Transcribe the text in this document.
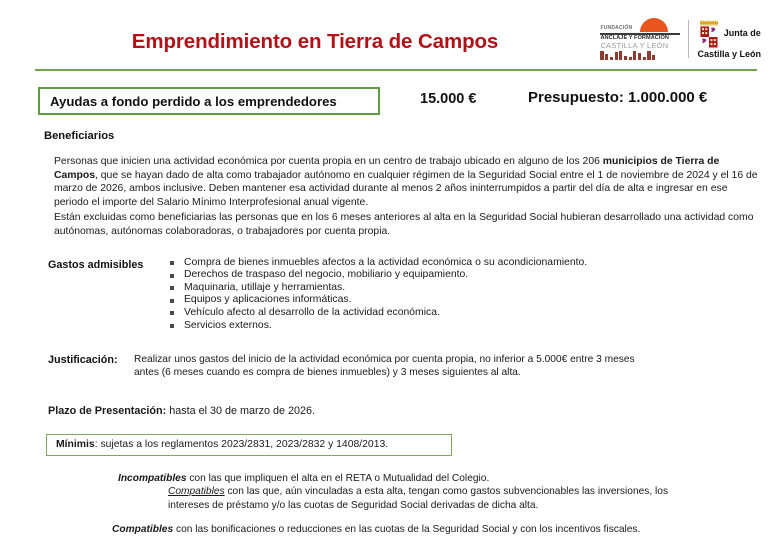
Emprendimiento en Tierra de Campos
FUNDACIÓN
ANCLAJE Y FORMACIÓN
CASTILLA Y LEÓN
Junta de
Castilla y León
Ayudas a fondo perdido a los emprendedores	15.000 €	Presupuesto: 1.000.000 €
Beneficiarios
Personas que inicien una actividad económica por cuenta propia en un centro de trabajo ubicado en alguno de los 206 municipios de Tierra de Campos, que se hayan dado de alta como trabajador autónomo en cualquier régimen de la Seguridad Social entre el 1 de noviembre de 2024 y el 16 de marzo de 2026, ambos inclusive. Deben mantener esa actividad durante al menos 2 años ininterrumpidos a partir del día de alta e ingresar en ese periodo el importe del Salario Mínimo Interprofesional anual vigente.
Están excluidas como beneficiarias las personas que en los 6 meses anteriores al alta en la Seguridad Social hubieran desarrollado una actividad como autónomas, autónomas colaboradoras, o trabajadores por cuenta propia.
Gastos admisibles	Compra de bienes inmuebles afectos a la actividad económica o su acondicionamiento.
Derechos de traspaso del negocio, mobiliario y equipamiento.
Maquinaria, utillaje y herramientas.
Equipos y aplicaciones informáticas.
Vehículo afecto al desarrollo de la actividad económica.
Servicios externos.
Justificación: Realizar unos gastos del inicio de la actividad económica por cuenta propia, no inferior a 5.000€ entre 3 meses antes (6 meses cuando es compra de bienes inmuebles) y 3 meses siguientes al alta.
Plazo de Presentación: hasta el 30 de marzo de 2026.
Mínimis : sujetas a los reglamentos 2023/2831, 2023/2832 y 1408/2013.
Incompatibles con las que impliquen el alta en el RETA o Mutualidad del Colegio.
Compatibles con las que, aún vinculadas a esta alta, tengan como gastos subvencionables las inversiones, los intereses de préstamo y/o las cuotas de Seguridad Social derivadas de dicha alta.
Compatibles con las bonificaciones o reducciones en las cuotas de la Seguridad Social y con los incentivos fiscales.
